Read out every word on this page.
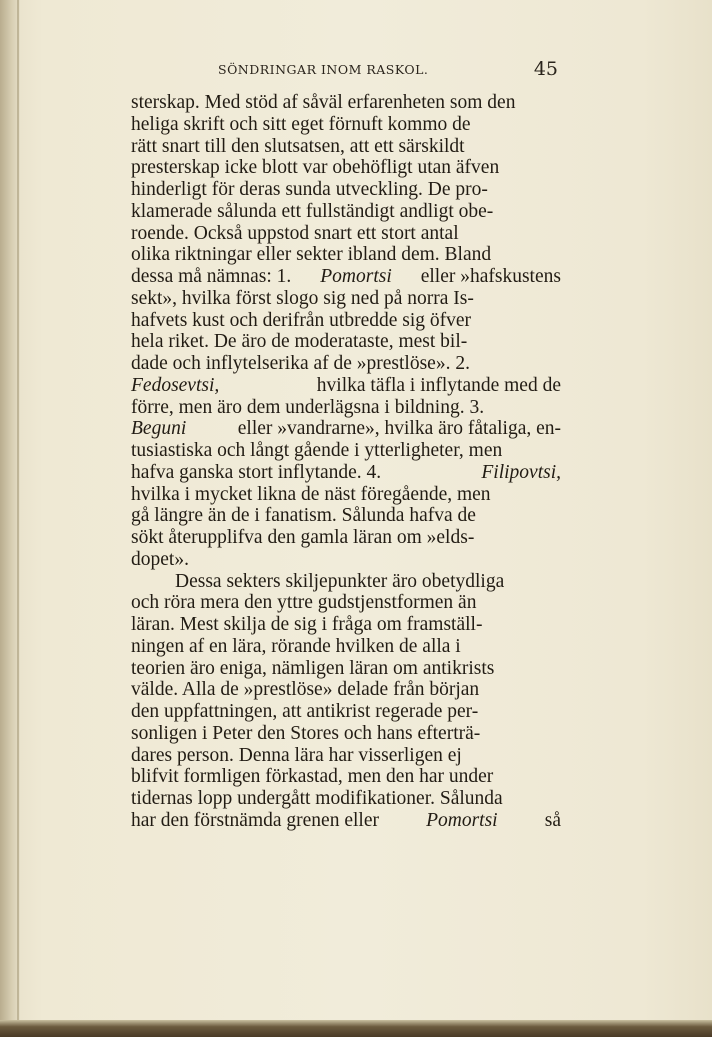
SÖNDRINGAR INOM RASKOL.	45
sterskap. Med stöd af såväl erfarenheten som den
heliga skrift och sitt eget förnuft kommo de
rätt snart till den slutsatsen, att ett särskildt
presterskap icke blott var obehöfligt utan äfven
hinderligt för deras sunda utveckling. De pro-
klamerade sålunda ett fullständigt andligt obe-
roende. Också uppstod snart ett stort antal
olika riktningar eller sekter ibland dem. Bland
dessa må nämnas: 1. Pomortsi eller »hafskustens
sekt», hvilka först slogo sig ned på norra Is-
hafvets kust och derifrån utbredde sig öfver
hela riket. De äro de moderataste, mest bil-
dade och inflytelserika af de »prestlöse». 2.
Fedosevtsi,	hvilka täfla i inflytande med de
förre, men äro dem underlägsna i bildning. 3.
Beguni	eller »vandrarne», hvilka äro fåtaliga, en-
tusiastiska och långt gående i ytterligheter, men
hafva ganska stort inflytande. 4.	Filipovtsi,
hvilka i mycket likna de näst föregående, men
gå längre än de i fanatism. Sålunda hafva de
sökt återupplifva den gamla läran om »elds-
dopet».
Dessa sekters skiljepunkter äro obetydliga
och röra mera den yttre gudstjenstformen än
läran. Mest skilja de sig i fråga om framställ-
ningen af en lära, rörande hvilken de alla i
teorien äro eniga, nämligen läran om antikrists
välde. Alla de »prestlöse» delade från början
den uppfattningen, att antikrist regerade per-
sonligen i Peter den Stores och hans efterträ-
dares person. Denna lära har visserligen ej
blifvit formligen förkastad, men den har under
tidernas lopp undergått modifikationer. Sålunda
har den förstnämda grenen eller Pomortsi så
